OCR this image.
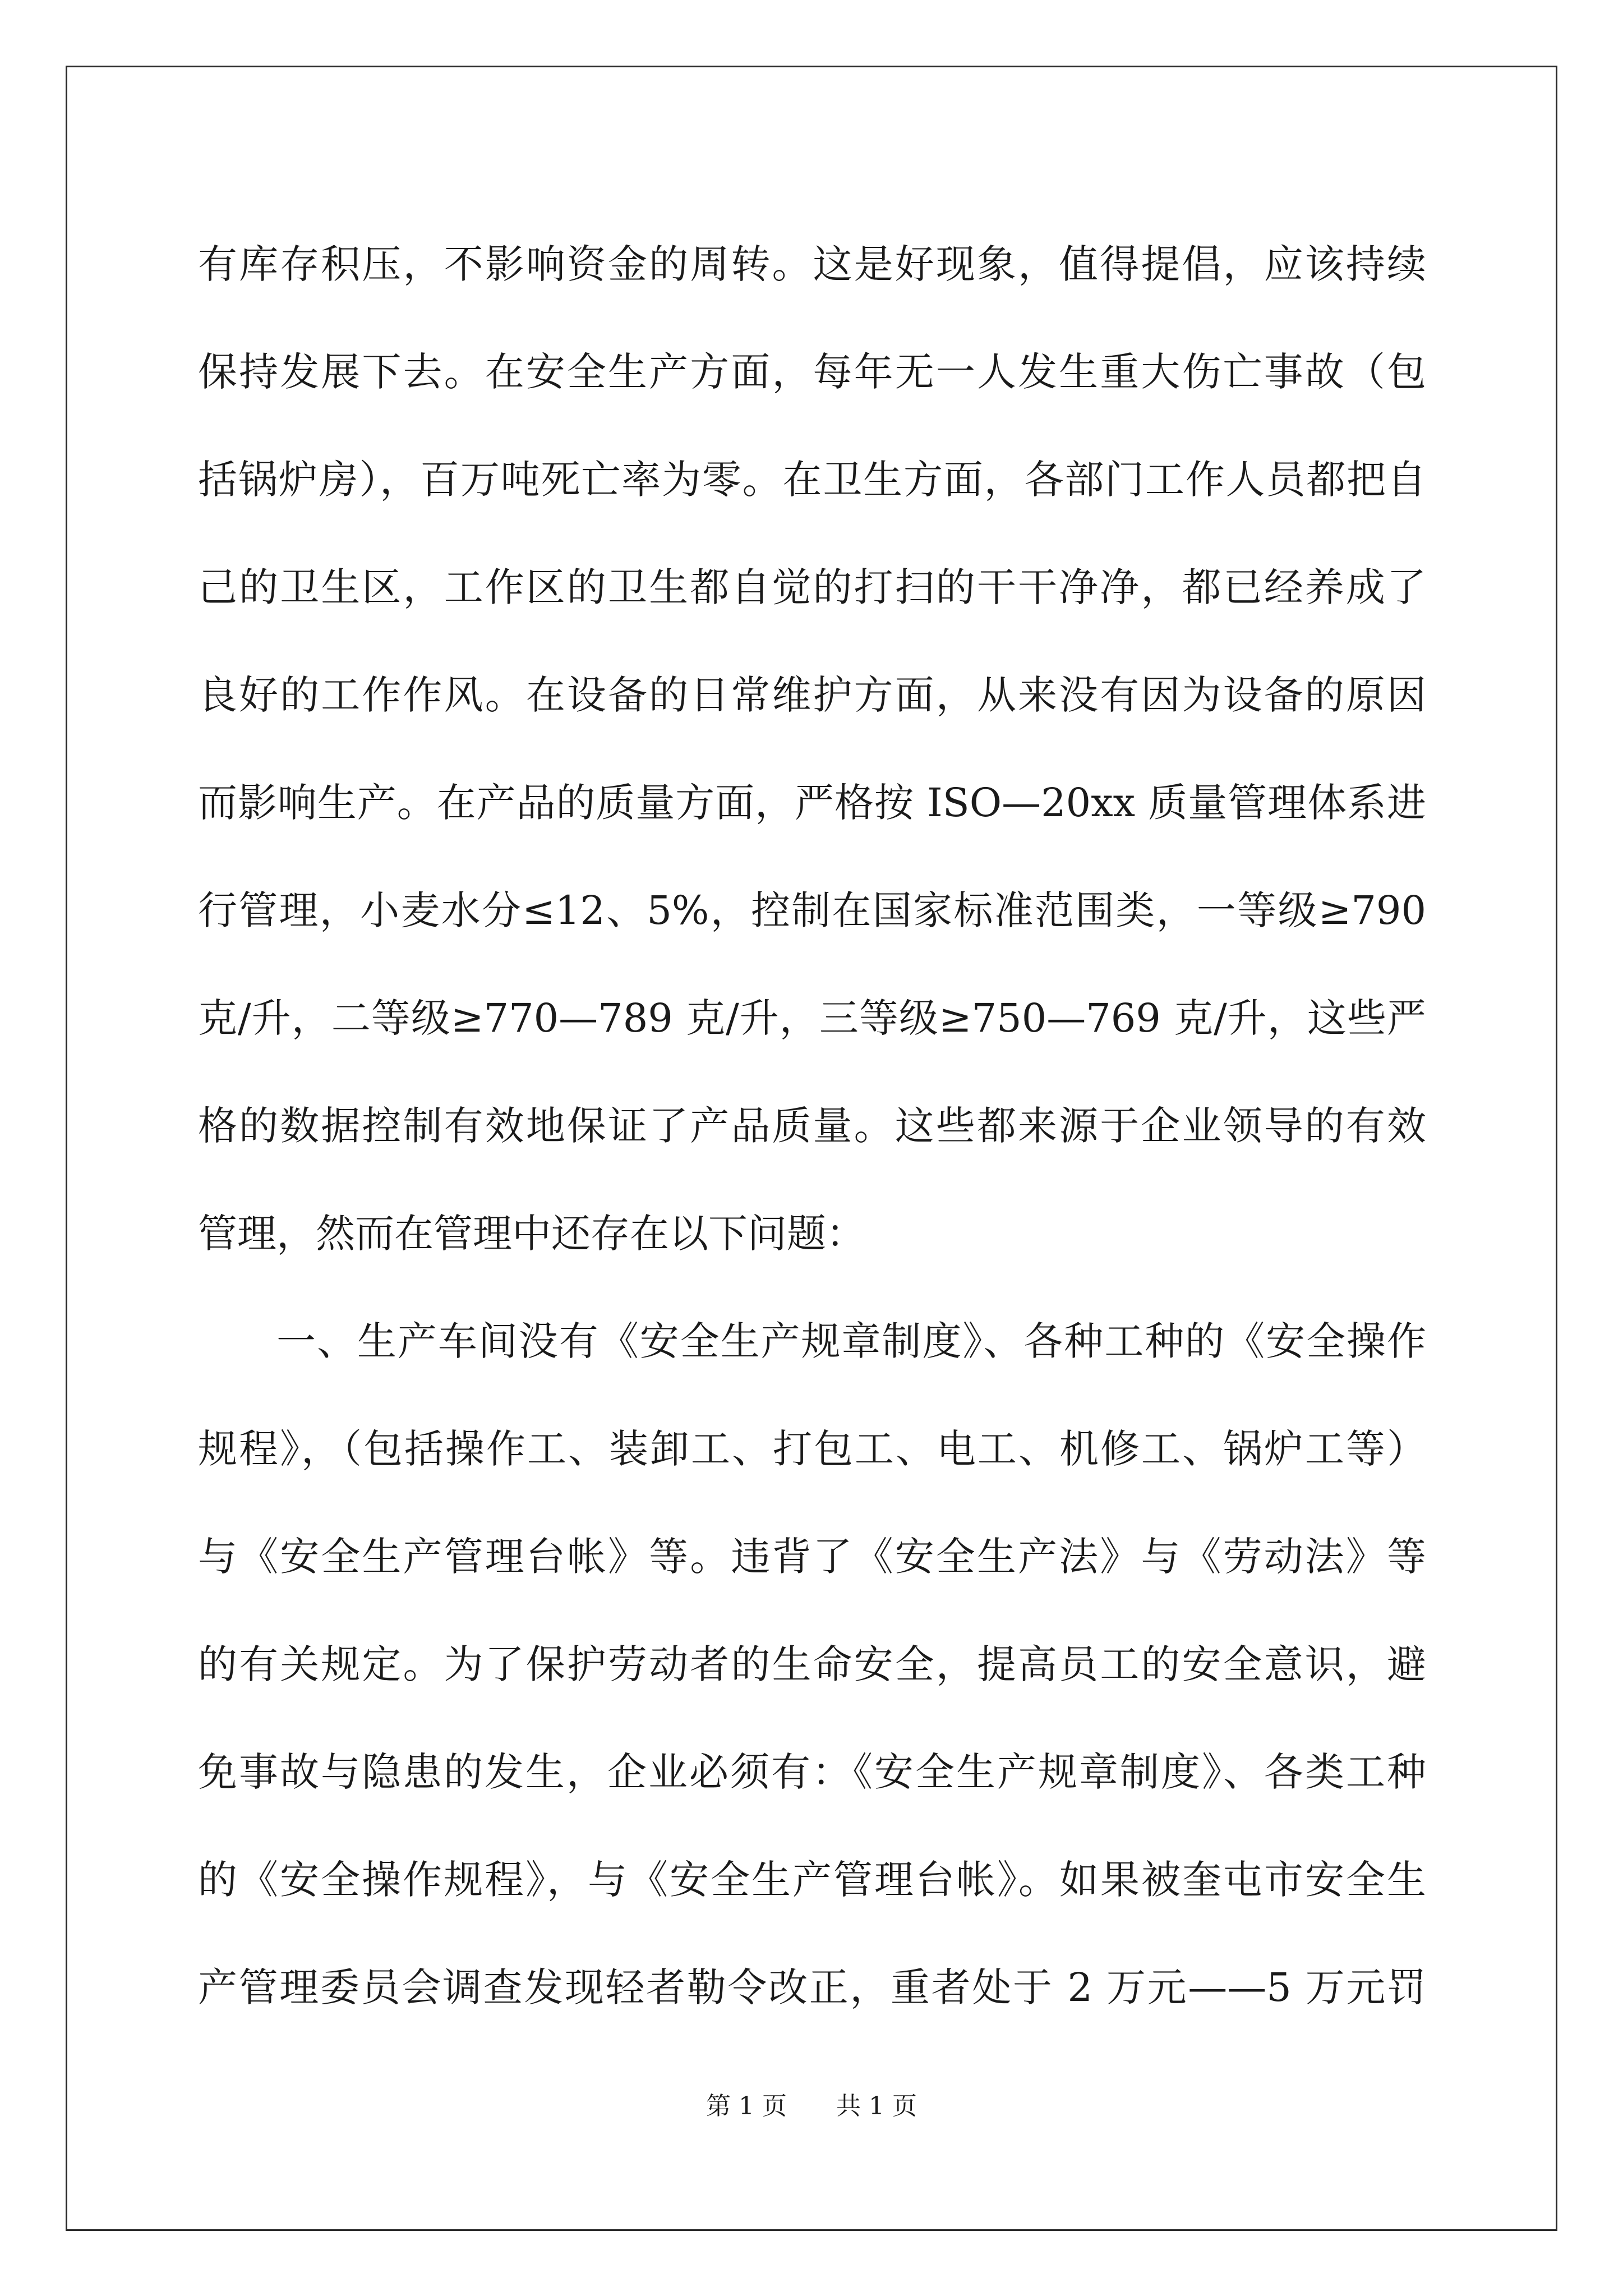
有库存积压，不影响资金的周转。这是好现象，值得提倡，应该持续
保持发展下去。在安全生产方面，每年无一人发生重大伤亡事故（包
括锅炉房），百万吨死亡率为零。在卫生方面，各部门工作人员都把自
己的卫生区，工作区的卫生都自觉的打扫的干干净净，都已经养成了
良好的工作作风。在设备的日常维护方面，从来没有因为设备的原因
而影响生产。在产品的质量方面，严格按 ISO—20xx 质量管理体系进
行管理，小麦水分≤12、5%，控制在国家标准范围类，一等级≥790
克/升，二等级≥770—789 克/升，三等级≥750—769 克/升，这些严
格的数据控制有效地保证了产品质量。这些都来源于企业领导的有效
管理，然而在管理中还存在以下问题：
一、生产车间没有《安全生产规章制度》、各种工种的《安全操作
规程》，（包括操作工、装卸工、打包工、电工、机修工、锅炉工等）
与《安全生产管理台帐》等。违背了《安全生产法》与《劳动法》等
的有关规定。为了保护劳动者的生命安全，提高员工的安全意识，避
免事故与隐患的发生，企业必须有：《安全生产规章制度》、各类工种
的《安全操作规程》，与《安全生产管理台帐》。如果被奎屯市安全生
产管理委员会调查发现轻者勒令改正，重者处于 2 万元——5 万元罚
第 1 页 共 1 页
